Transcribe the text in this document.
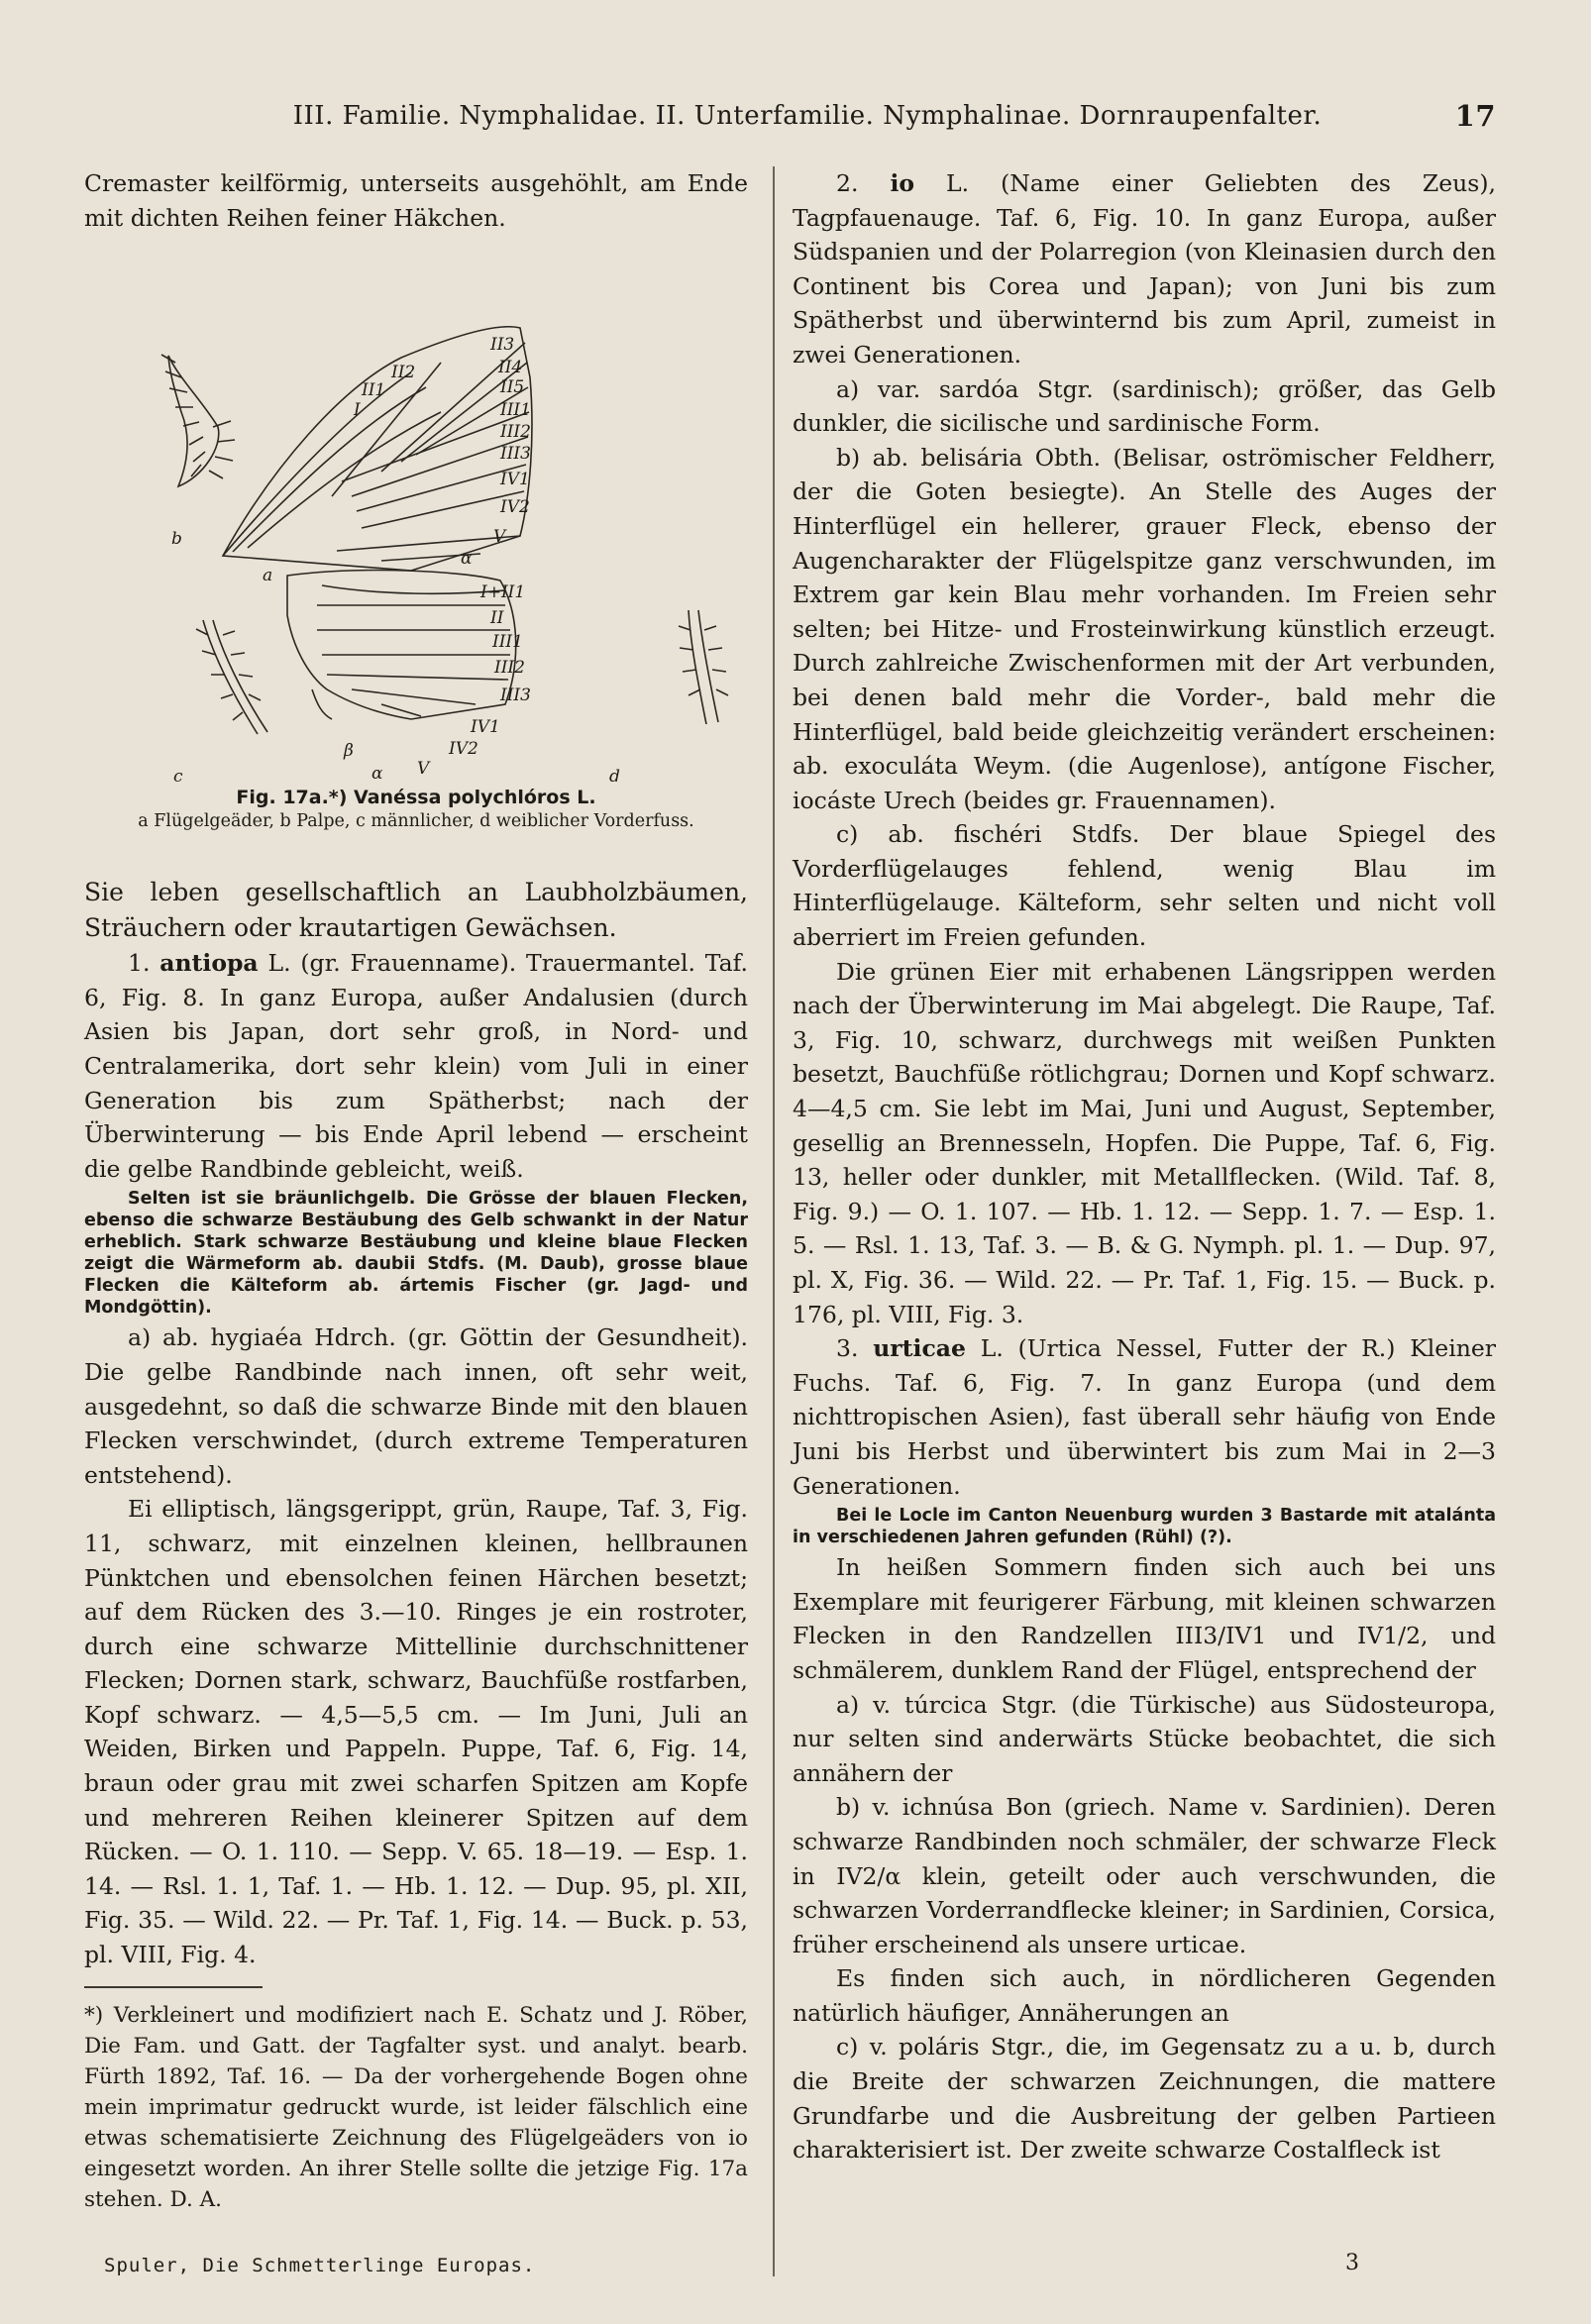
III. Familie. Nymphalidae. II. Unterfamilie. Nymphalinae. Dornraupenfalter.	17

Cremaster keilförmig, unterseits ausgehöhlt, am Ende mit dichten Reihen feiner Häkchen.

b
a
c	d
α
β
α
II3
II2
II1
I
II4
II5
III1
III2
III3
IV1
IV2
V
I+II1
II
III1
III2
III3
IV1
IV2
V
Fig. 17a.*) Vanéssa polychlóros L.
a Flügelgeäder, b Palpe, c männlicher, d weiblicher Vorderfuss.

Sie leben gesellschaftlich an Laubholzbäumen, Sträuchern oder krautartigen Gewächsen.

1. antiopa L. (gr. Frauenname). Trauermantel. Taf. 6, Fig. 8. In ganz Europa, außer Andalusien (durch Asien bis Japan, dort sehr groß, in Nord- und Centralamerika, dort sehr klein) vom Juli in einer Generation bis zum Spätherbst; nach der Überwinterung — bis Ende April lebend — erscheint die gelbe Randbinde gebleicht, weiß.

Selten ist sie bräunlichgelb. Die Grösse der blauen Flecken, ebenso die schwarze Bestäubung des Gelb schwankt in der Natur erheblich. Stark schwarze Bestäubung und kleine blaue Flecken zeigt die Wärmeform ab. daubii Stdfs. (M. Daub), grosse blaue Flecken die Kälteform ab. ártemis Fischer (gr. Jagd- und Mondgöttin).

a) ab. hygiaéa Hdrch. (gr. Göttin der Gesundheit). Die gelbe Randbinde nach innen, oft sehr weit, ausgedehnt, so daß die schwarze Binde mit den blauen Flecken verschwindet, (durch extreme Temperaturen entstehend).

Ei elliptisch, längsgerippt, grün, Raupe, Taf. 3, Fig. 11, schwarz, mit einzelnen kleinen, hellbraunen Pünktchen und ebensolchen feinen Härchen besetzt; auf dem Rücken des 3.—10. Ringes je ein rostroter, durch eine schwarze Mittellinie durchschnittener Flecken; Dornen stark, schwarz, Bauchfüße rostfarben, Kopf schwarz. — 4,5—5,5 cm. — Im Juni, Juli an Weiden, Birken und Pappeln. Puppe, Taf. 6, Fig. 14, braun oder grau mit zwei scharfen Spitzen am Kopfe und mehreren Reihen kleinerer Spitzen auf dem Rücken. — O. 1. 110. — Sepp. V. 65. 18—19. — Esp. 1. 14. — Rsl. 1. 1, Taf. 1. — Hb. 1. 12. — Dup. 95, pl. XII, Fig. 35. — Wild. 22. — Pr. Taf. 1, Fig. 14. — Buck. p. 53, pl. VIII, Fig. 4.

*) Verkleinert und modifiziert nach E. Schatz und J. Röber, Die Fam. und Gatt. der Tagfalter syst. und analyt. bearb. Fürth 1892, Taf. 16. — Da der vorhergehende Bogen ohne mein imprimatur gedruckt wurde, ist leider fälschlich eine etwas schematisierte Zeichnung des Flügelgeäders von io eingesetzt worden. An ihrer Stelle sollte die jetzige Fig. 17a stehen. D. A.

2. io L. (Name einer Geliebten des Zeus), Tagpfauenauge. Taf. 6, Fig. 10. In ganz Europa, außer Südspanien und der Polarregion (von Kleinasien durch den Continent bis Corea und Japan); von Juni bis zum Spätherbst und überwinternd bis zum April, zumeist in zwei Generationen.

a) var. sardóa Stgr. (sardinisch); größer, das Gelb dunkler, die sicilische und sardinische Form.

b) ab. belisária Obth. (Belisar, oströmischer Feldherr, der die Goten besiegte). An Stelle des Auges der Hinterflügel ein hellerer, grauer Fleck, ebenso der Augencharakter der Flügelspitze ganz verschwunden, im Extrem gar kein Blau mehr vorhanden. Im Freien sehr selten; bei Hitze- und Frosteinwirkung künstlich erzeugt. Durch zahlreiche Zwischenformen mit der Art verbunden, bei denen bald mehr die Vorder-, bald mehr die Hinterflügel, bald beide gleichzeitig verändert erscheinen: ab. exoculáta Weym. (die Augenlose), antígone Fischer, iocáste Urech (beides gr. Frauennamen).

c) ab. fischéri Stdfs. Der blaue Spiegel des Vorderflügelauges fehlend, wenig Blau im Hinterflügelauge. Kälteform, sehr selten und nicht voll aberriert im Freien gefunden.

Die grünen Eier mit erhabenen Längsrippen werden nach der Überwinterung im Mai abgelegt. Die Raupe, Taf. 3, Fig. 10, schwarz, durchwegs mit weißen Punkten besetzt, Bauchfüße rötlichgrau; Dornen und Kopf schwarz. 4—4,5 cm. Sie lebt im Mai, Juni und August, September, gesellig an Brennesseln, Hopfen. Die Puppe, Taf. 6, Fig. 13, heller oder dunkler, mit Metallflecken. (Wild. Taf. 8, Fig. 9.) — O. 1. 107. — Hb. 1. 12. — Sepp. 1. 7. — Esp. 1. 5. — Rsl. 1. 13, Taf. 3. — B. & G. Nymph. pl. 1. — Dup. 97, pl. X, Fig. 36. — Wild. 22. — Pr. Taf. 1, Fig. 15. — Buck. p. 176, pl. VIII, Fig. 3.

3. urticae L. (Urtica Nessel, Futter der R.) Kleiner Fuchs. Taf. 6, Fig. 7. In ganz Europa (und dem nichttropischen Asien), fast überall sehr häufig von Ende Juni bis Herbst und überwintert bis zum Mai in 2—3 Generationen.

Bei le Locle im Canton Neuenburg wurden 3 Bastarde mit atalánta in verschiedenen Jahren gefunden (Rühl) (?).

In heißen Sommern finden sich auch bei uns Exemplare mit feurigerer Färbung, mit kleinen schwarzen Flecken in den Randzellen III3/IV1 und IV1/2, und schmälerem, dunklem Rand der Flügel, entsprechend der

a) v. túrcica Stgr. (die Türkische) aus Südosteuropa, nur selten sind anderwärts Stücke beobachtet, die sich annähern der

b) v. ichnúsa Bon (griech. Name v. Sardinien). Deren schwarze Randbinden noch schmäler, der schwarze Fleck in IV2/α klein, geteilt oder auch verschwunden, die schwarzen Vorderrandflecke kleiner; in Sardinien, Corsica, früher erscheinend als unsere urticae.

Es finden sich auch, in nördlicheren Gegenden natürlich häufiger, Annäherungen an

c) v. poláris Stgr., die, im Gegensatz zu a u. b, durch die Breite der schwarzen Zeichnungen, die mattere Grundfarbe und die Ausbreitung der gelben Partieen charakterisiert ist. Der zweite schwarze Costalfleck ist

Spuler, Die Schmetterlinge Europas.	3
